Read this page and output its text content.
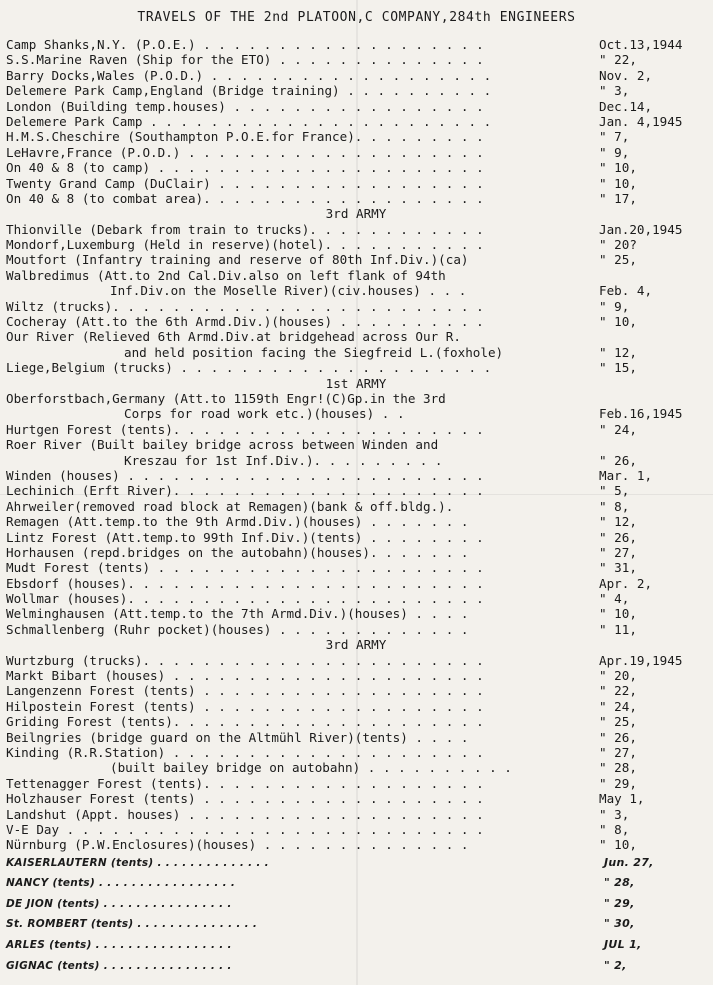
TRAVELS OF THE 2nd PLATOON,C COMPANY,284th ENGINEERS
Camp Shanks,N.Y. (P.O.E.) . . . . . . . . . . . . . . . . . . .	Oct.13,1944
S.S.Marine Raven (Ship for the ETO) . . . . . . . . . . . . . .	" 22,
Barry Docks,Wales (P.O.D.) . . . . . . . . . . . . . . . . . . .	Nov. 2,
Delemere Park Camp,England (Bridge training) . . . . . . . . . .	" 3,
London (Building temp.houses) . . . . . . . . . . . . . . . . .	Dec.14,
Delemere Park Camp . . . . . . . . . . . . . . . . . . . . . . .	Jan. 4,1945
H.M.S.Cheschire (Southampton P.O.E.for France). . . . . . . . .	" 7,
LeHavre,France (P.O.D.) . . . . . . . . . . . . . . . . . . . .	" 9,
On 40 & 8 (to camp) . . . . . . . . . . . . . . . . . . . . . .	" 10,
Twenty Grand Camp (DuClair) . . . . . . . . . . . . . . . . . .	" 10,
On 40 & 8 (to combat area). . . . . . . . . . . . . . . . . . .	" 17,
3rd ARMY
Thionville (Debark from train to trucks). . . . . . . . . . . .	Jan.20,1945
Mondorf,Luxemburg (Held in reserve)(hotel). . . . . . . . . . .	" 20?
Moutfort (Infantry training and reserve of 80th Inf.Div.)(ca)	" 25,
Walbredimus (Att.to 2nd Cal.Div.also on left flank of 94th
Inf.Div.on the Moselle River)(civ.houses) . . .	Feb. 4,
Wiltz (trucks). . . . . . . . . . . . . . . . . . . . . . . . .	" 9,
Cocheray (Att.to the 6th Armd.Div.)(houses) . . . . . . . . . .	" 10,
Our River (Relieved 6th Armd.Div.at bridgehead across Our R.
and held position facing the Siegfreid L.(foxhole)	" 12,
Liege,Belgium (trucks) . . . . . . . . . . . . . . . . . . . . .	" 15,
1st ARMY
Oberforstbach,Germany (Att.to 1159th Engr!(C)Gp.in the 3rd
Corps for road work etc.)(houses) . .	Feb.16,1945
Hurtgen Forest (tents). . . . . . . . . . . . . . . . . . . . .	" 24,
Roer River (Built bailey bridge across between Winden and
Kreszau for 1st Inf.Div.). . . . . . . . .	" 26,
Winden (houses) . . . . . . . . . . . . . . . . . . . . . . . .	Mar. 1,
Lechinich (Erft River). . . . . . . . . . . . . . . . . . . . .	" 5,
Ahrweiler(removed road block at Remagen)(bank & off.bldg.).	" 8,
Remagen (Att.temp.to the 9th Armd.Div.)(houses) . . . . . . .	" 12,
Lintz Forest (Att.temp.to 99th Inf.Div.)(tents) . . . . . . . .	" 26,
Horhausen (repd.bridges on the autobahn)(houses). . . . . . .	" 27,
Mudt Forest (tents) . . . . . . . . . . . . . . . . . . . . . .	" 31,
Ebsdorf (houses). . . . . . . . . . . . . . . . . . . . . . . .	Apr. 2,
Wollmar (houses). . . . . . . . . . . . . . . . . . . . . . . .	" 4,
Welminghausen (Att.temp.to the 7th Armd.Div.)(houses) . . . .	" 10,
Schmallenberg (Ruhr pocket)(houses) . . . . . . . . . . . . .	" 11,
3rd ARMY
Wurtzburg (trucks). . . . . . . . . . . . . . . . . . . . . . .	Apr.19,1945
Markt Bibart (houses) . . . . . . . . . . . . . . . . . . . . .	" 20,
Langenzenn Forest (tents) . . . . . . . . . . . . . . . . . . .	" 22,
Hilpostein Forest (tents) . . . . . . . . . . . . . . . . . . .	" 24,
Griding Forest (tents). . . . . . . . . . . . . . . . . . . . .	" 25,
Beilngries (bridge guard on the Altmühl River)(tents) . . . .	" 26,
Kinding (R.R.Station) . . . . . . . . . . . . . . . . . . . . .	" 27,
(built bailey bridge on autobahn) . . . . . . . . . .	" 28,
Tettenagger Forest (tents). . . . . . . . . . . . . . . . . . .	" 29,
Holzhauser Forest (tents) . . . . . . . . . . . . . . . . . . .	May 1,
Landshut (Appt. houses) . . . . . . . . . . . . . . . . . . . .	" 3,
V-E Day . . . . . . . . . . . . . . . . . . . . . . . . . . . .	" 8,
Nürnburg (P.W.Enclosures)(houses) . . . . . . . . . . . . . .	" 10,
KAISERLAUTERN (tents) . . . . . . . . . . . . . .	Jun. 27,
NANCY (tents) . . . . . . . . . . . . . . . . .	" 28,
DE JION (tents) . . . . . . . . . . . . . . . .	" 29,
St. ROMBERT (tents) . . . . . . . . . . . . . . .	" 30,
ARLES (tents) . . . . . . . . . . . . . . . . .	JUL 1,
GIGNAC (tents) . . . . . . . . . . . . . . . .	" 2,
